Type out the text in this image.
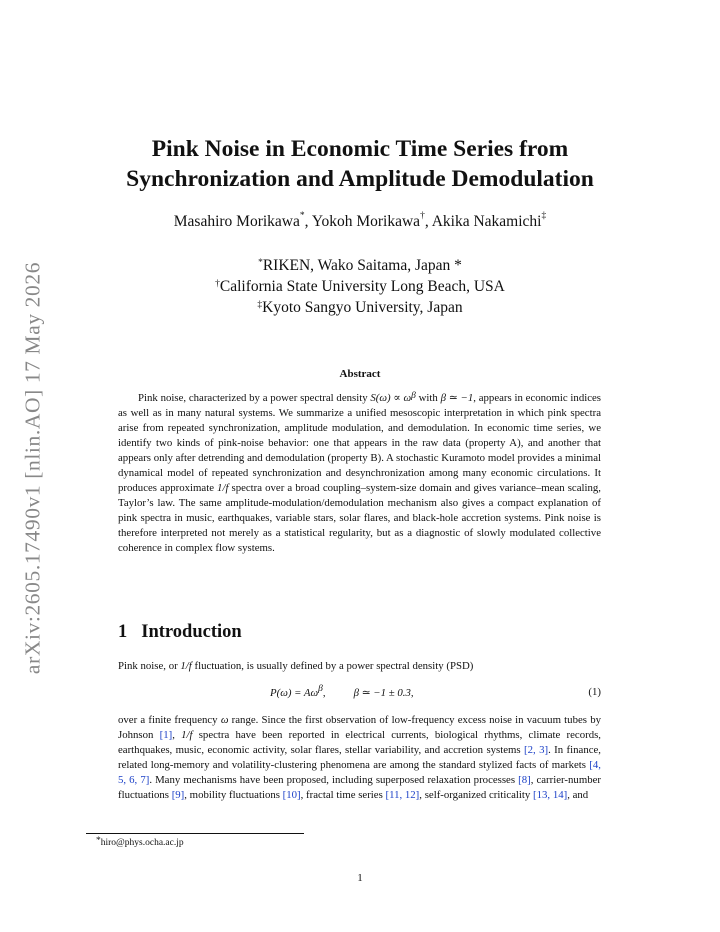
arXiv:2605.17490v1 [nlin.AO] 17 May 2026
Pink Noise in Economic Time Series from
Synchronization and Amplitude Demodulation
Masahiro Morikawa*, Yokoh Morikawa†, Akika Nakamichi‡
*RIKEN, Wako Saitama, Japan *
†California State University Long Beach, USA
‡Kyoto Sangyo University, Japan
Abstract

Pink noise, characterized by a power spectral density $S(\omega) \propto \omega^\beta$ with β ≃ −1, appears in economic indices as well as in many natural systems. We summarize a unified mesoscopic interpretation in which pink spectra arise from repeated synchronization, amplitude modulation, and demodulation. In economic time series, we identify two kinds of pink-noise behavior: one that appears in the raw data (property A), and another that appears only after detrending and demodulation (property B). A stochastic Kuramoto model provides a minimal dynamical model of repeated synchronization and desynchronization among many economic circulations. It produces approximate 1/f spectra over a broad coupling–system-size domain and gives variance–mean scaling, Taylor’s law. The same amplitude-modulation/demodulation mechanism also gives a compact explanation of pink spectra in music, earthquakes, variable stars, solar flares, and black-hole accretion systems. Pink noise is therefore interpreted not merely as a statistical regularity, but as a diagnostic of slowly modulated collective coherence in complex flow systems.

1 Introduction

Pink noise, or 1/f fluctuation, is usually defined by a power spectral density (PSD)

$P(\omega) = A\omega^\beta$,	β ≃ −1 ± 0.3,	(1)

over a finite frequency ω range. Since the first observation of low-frequency excess noise in vacuum tubes by Johnson [1], 1/f spectra have been reported in electrical currents, biological rhythms, climate records, earthquakes, music, economic activity, solar flares, stellar variability, and accretion systems [2, 3]. In finance, related long-memory and volatility-clustering phenomena are among the standard stylized facts of markets [4, 5, 6, 7]. Many mechanisms have been proposed, including superposed relaxation processes [8], carrier-number fluctuations [9], mobility fluctuations [10], fractal time series [11, 12], self-organized criticality [13, 14], and

*hiro@phys.ocha.ac.jp
1
